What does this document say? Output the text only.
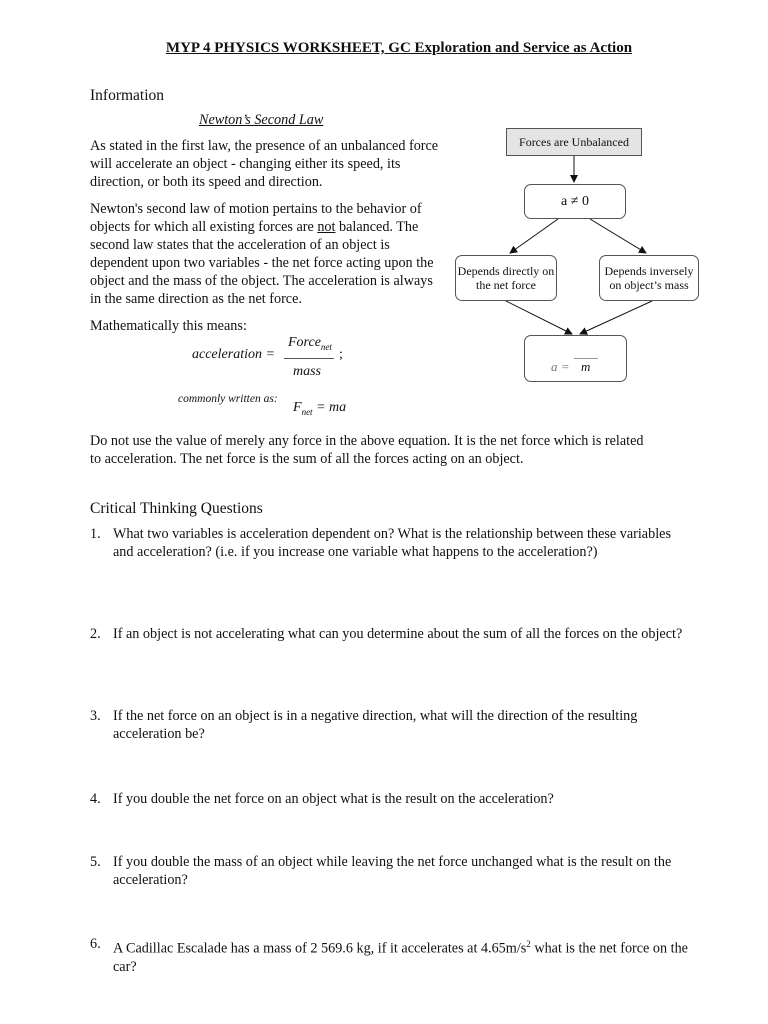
MYP 4 PHYSICS WORKSHEET, GC Exploration and Service as Action
Information
Newton’s Second Law

As stated in the first law, the presence of an unbalanced force will accelerate an object - changing either its speed, its direction, or both its speed and direction.

Newton's second law of motion pertains to the behavior of objects for which all existing forces are not balanced. The second law states that the acceleration of an object is dependent upon two variables - the net force acting upon the object and the mass of the object. The acceleration is always in the same direction as the net force.

Mathematically this means:

acceleration =
Force$_{net}$
mass
;
commonly written as:
$F_{net}$ = ma
Forces are Unbalanced
a ≠ 0
Depends directly on the net force
Depends inversely on object’s mass
a = m
Do not use the value of merely any force in the above equation. It is the net force which is related to acceleration. The net force is the sum of all the forces acting on an object.
Critical Thinking Questions
1. What two variables is acceleration dependent on? What is the relationship between these variables and acceleration? (i.e. if you increase one variable what happens to the acceleration?)
2. If an object is not accelerating what can you determine about the sum of all the forces on the object?
3. If the net force on an object is in a negative direction, what will the direction of the resulting acceleration be?
4. If you double the net force on an object what is the result on the acceleration?
5. If you double the mass of an object while leaving the net force unchanged what is the result on the acceleration?
6. A Cadillac Escalade has a mass of 2 569.6 kg, if it accelerates at $4.65m/s^2$ what is the net force on the car?
